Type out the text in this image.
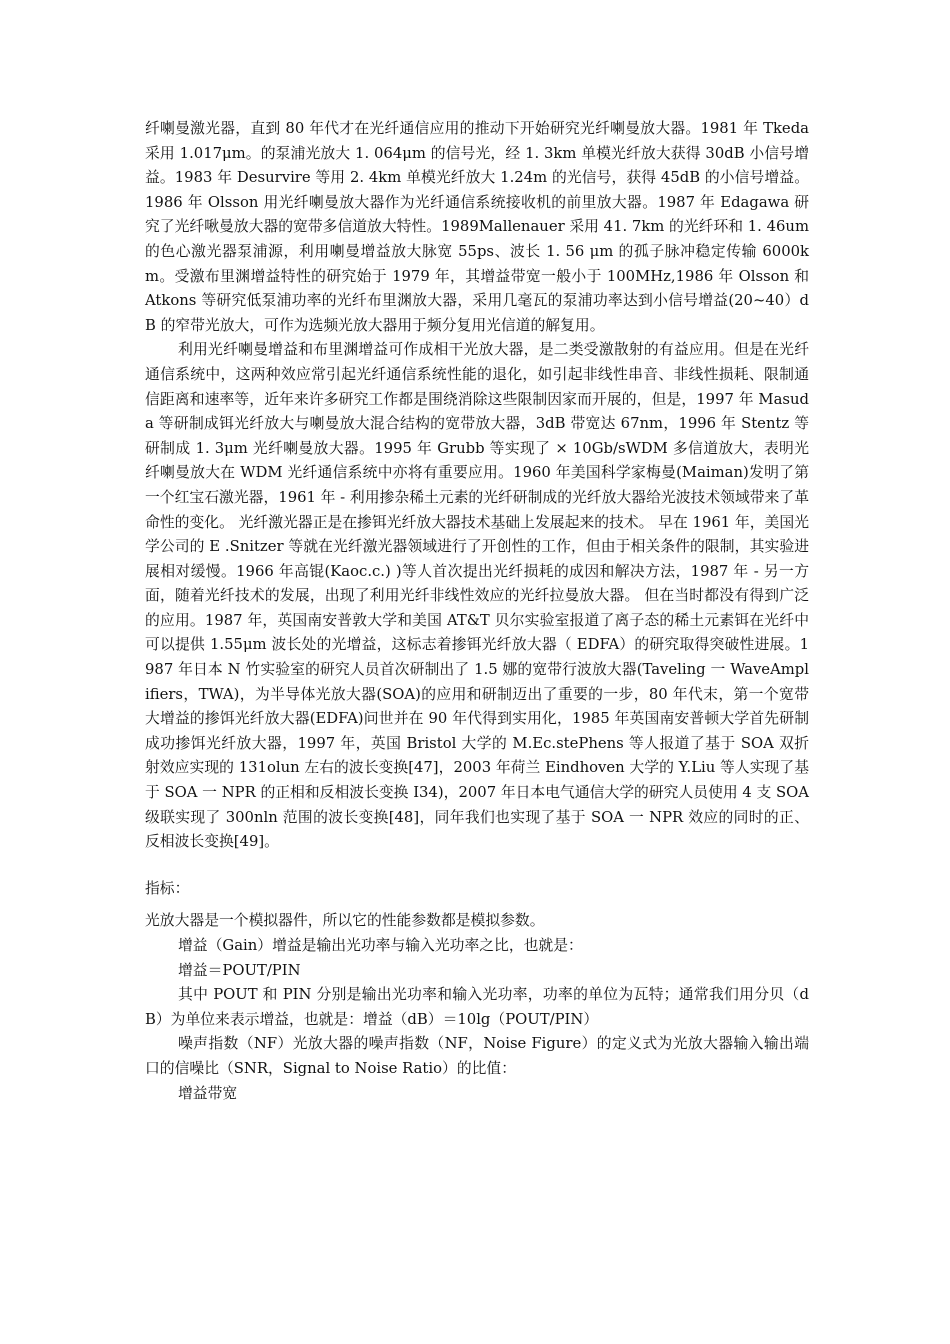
纤喇曼激光器，直到 80 年代才在光纤通信应用的推动下开始研究光纤喇曼放大器。1981 年 Tkeda 采用 1.017μm。的泵浦光放大 1. 064μm 的信号光，经 1. 3km 单模光纤放大获得 30dB 小信号增益。1983 年 Desurvire 等用 2. 4km 单模光纤放大 1.24m 的光信号，获得 45dB 的小信号增益。1986 年 Olsson 用光纤喇曼放大器作为光纤通信系统接收机的前里放大器。1987 年 Edagawa 研究了光纤啾曼放大器的宽带多信道放大特性。1989Mallenauer 采用 41. 7km 的光纤环和 1. 46um 的色心激光器泵浦源，利用喇曼增益放大脉宽 55ps、波长 1. 56 μm 的孤子脉冲稳定传输 6000km。受激布里渊增益特性的研究始于 1979 年，其增益带宽一般小于 100MHz,1986 年 Olsson 和 Atkons 等研究低泵浦功率的光纤布里渊放大器，采用几毫瓦的泵浦功率达到小信号增益(20~40）dB 的窄带光放大，可作为选频光放大器用于频分复用光信道的解复用。

利用光纤喇曼增益和布里渊增益可作成相干光放大器，是二类受激散射的有益应用。但是在光纤通信系统中，这两种效应常引起光纤通信系统性能的退化，如引起非线性串音、非线性损耗、限制通信距离和速率等，近年来许多研究工作都是围绕消除这些限制因家而开展的，但是，1997 年 Masuda 等研制成铒光纤放大与喇曼放大混合结构的宽带放大器，3dB 带宽达 67nm，1996 年 Stentz 等研制成 1. 3μm 光纤喇曼放大器。1995 年 Grubb 等实现了 × 10Gb/sWDM 多信道放大，表明光纤喇曼放大在 WDM 光纤通信系统中亦将有重要应用。1960 年美国科学家梅曼(Maiman)发明了第一个红宝石激光器，1961 年 - 利用掺杂稀土元素的光纤研制成的光纤放大器给光波技术领域带来了革命性的变化。 光纤激光器正是在掺铒光纤放大器技术基础上发展起来的技术。 早在 1961 年，美国光学公司的 E .Snitzer 等就在光纤激光器领域进行了开创性的工作，但由于相关条件的限制，其实验进展相对缓慢。1966 年高锟(Kaoc.c.) )等人首次提出光纤损耗的成因和解决方法，1987 年 - 另一方面，随着光纤技术的发展，出现了利用光纤非线性效应的光纤拉曼放大器。 但在当时都没有得到广泛的应用。1987 年，英国南安普敦大学和美国 AT&T 贝尔实验室报道了离子态的稀土元素铒在光纤中可以提供 1.55μm 波长处的光增益，这标志着掺铒光纤放大器（ EDFA）的研究取得突破性进展。1987 年日本 N 竹实验室的研究人员首次研制出了 1.5 娜的宽带行波放大器(Taveling 一 WaveAmplifiers，TWA)，为半导体光放大器(SOA)的应用和研制迈出了重要的一步，80 年代末，第一个宽带大增益的掺饵光纤放大器(EDFA)问世并在 90 年代得到实用化，1985 年英国南安普顿大学首先研制成功掺饵光纤放大器，1997 年，英国 Bristol 大学的 M.Ec.stePhens 等人报道了基于 SOA 双折射效应实现的 131olun 左右的波长变换[47]，2003 年荷兰 Eindhoven 大学的 Y.Liu 等人实现了基于 SOA 一 NPR 的正相和反相波长变换 I34)，2007 年日本电气通信大学的研究人员使用 4 支 SOA 级联实现了 300nln 范围的波长变换[48]，同年我们也实现了基于 SOA 一 NPR 效应的同时的正、反相波长变换[49]。

指标：

光放大器是一个模拟器件，所以它的性能参数都是模拟参数。

增益（Gain）增益是输出光功率与输入光功率之比，也就是：

增益＝POUT/PIN

其中 POUT 和 PIN 分别是输出光功率和输入光功率，功率的单位为瓦特；通常我们用分贝（dB）为单位来表示增益，也就是：增益（dB）＝10lg（POUT/PIN）

噪声指数（NF）光放大器的噪声指数（NF，Noise Figure）的定义式为光放大器输入输出端口的信噪比（SNR，Signal to Noise Ratio）的比值：

增益带宽
